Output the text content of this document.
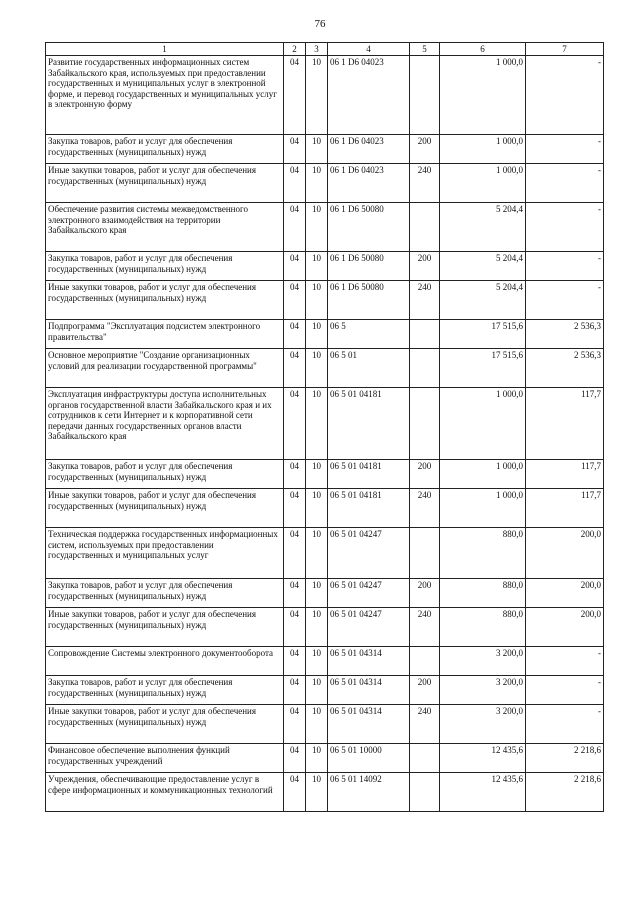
76
1	2	3	4	5	6	7
Развитие государственных информационных систем Забайкальского края, используемых при предоставлении государственных и муниципальных услуг в электронной форме, и перевод государственных и муниципальных услуг в электронную форму	04	10	06 1 D6 04023		1 000,0	-
Закупка товаров, работ и услуг для обеспечения государственных (муниципальных) нужд	04	10	06 1 D6 04023	200	1 000,0	-
Иные закупки товаров, работ и услуг для обеспечения государственных (муниципальных) нужд	04	10	06 1 D6 04023	240	1 000,0	-
Обеспечение развития системы межведомственного электронного взаимодействия на территории Забайкальского края	04	10	06 1 D6 50080		5 204,4	-
Закупка товаров, работ и услуг для обеспечения государственных (муниципальных) нужд	04	10	06 1 D6 50080	200	5 204,4	-
Иные закупки товаров, работ и услуг для обеспечения государственных (муниципальных) нужд	04	10	06 1 D6 50080	240	5 204,4	-
Подпрограмма "Эксплуатация подсистем электронного правительства"	04	10	06 5		17 515,6	2 536,3
Основное мероприятие "Создание организационных условий для реализации государственной программы"	04	10	06 5 01		17 515,6	2 536,3
Эксплуатация инфраструктуры доступа исполнительных органов государственной власти Забайкальского края и их сотрудников к сети Интернет и к корпоративной сети передачи данных государственных органов власти Забайкальского края	04	10	06 5 01 04181		1 000,0	117,7
Закупка товаров, работ и услуг для обеспечения государственных (муниципальных) нужд	04	10	06 5 01 04181	200	1 000,0	117,7
Иные закупки товаров, работ и услуг для обеспечения государственных (муниципальных) нужд	04	10	06 5 01 04181	240	1 000,0	117,7
Техническая поддержка государственных информационных систем, используемых при предоставлении государственных и муниципальных услуг	04	10	06 5 01 04247		880,0	200,0
Закупка товаров, работ и услуг для обеспечения государственных (муниципальных) нужд	04	10	06 5 01 04247	200	880,0	200,0
Иные закупки товаров, работ и услуг для обеспечения государственных (муниципальных) нужд	04	10	06 5 01 04247	240	880,0	200,0
Сопровождение Системы электронного документооборота	04	10	06 5 01 04314		3 200,0	-
Закупка товаров, работ и услуг для обеспечения государственных (муниципальных) нужд	04	10	06 5 01 04314	200	3 200,0	-
Иные закупки товаров, работ и услуг для обеспечения государственных (муниципальных) нужд	04	10	06 5 01 04314	240	3 200,0	-
Финансовое обеспечение выполнения функций государственных учреждений	04	10	06 5 01 10000		12 435,6	2 218,6
Учреждения, обеспечивающие предоставление услуг в сфере информационных и коммуникационных технологий	04	10	06 5 01 14092		12 435,6	2 218,6
